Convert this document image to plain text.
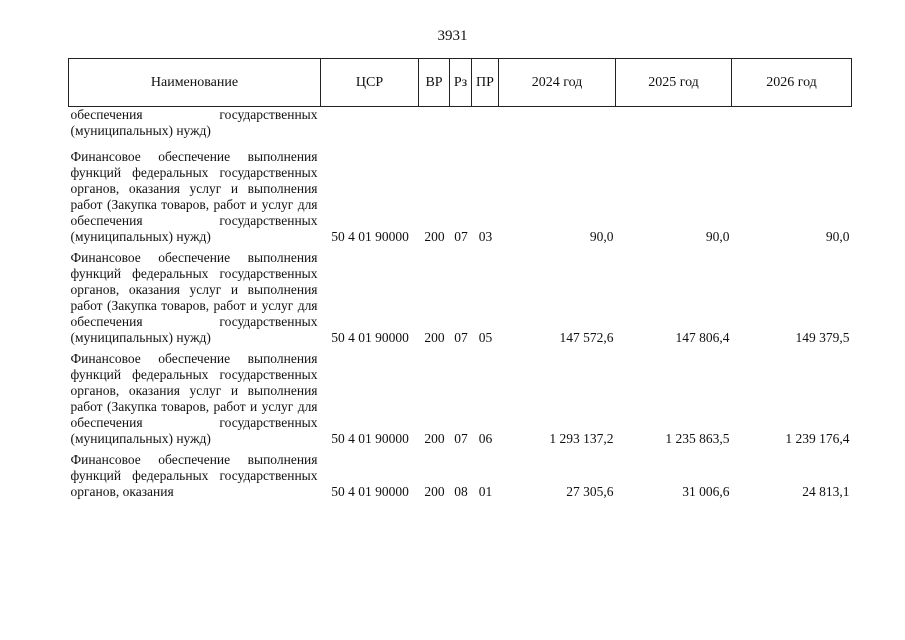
3931
Наименование	ЦСР	ВР	Рз	ПР	2024 год	2025 год	2026 год
обеспечения государственных (муниципальных) нужд)							
Финансовое обеспечение выполнения функций федеральных государственных органов, оказания услуг и выполнения работ (Закупка товаров, работ и услуг для обеспечения государственных (муниципальных) нужд)	50 4 01 90000	200	07	03	90,0	90,0	90,0
Финансовое обеспечение выполнения функций федеральных государственных органов, оказания услуг и выполнения работ (Закупка товаров, работ и услуг для обеспечения государственных (муниципальных) нужд)	50 4 01 90000	200	07	05	147 572,6	147 806,4	149 379,5
Финансовое обеспечение выполнения функций федеральных государственных органов, оказания услуг и выполнения работ (Закупка товаров, работ и услуг для обеспечения государственных (муниципальных) нужд)	50 4 01 90000	200	07	06	1 293 137,2	1 235 863,5	1 239 176,4
Финансовое обеспечение выполнения функций федеральных государственных органов, оказания	50 4 01 90000	200	08	01	27 305,6	31 006,6	24 813,1
